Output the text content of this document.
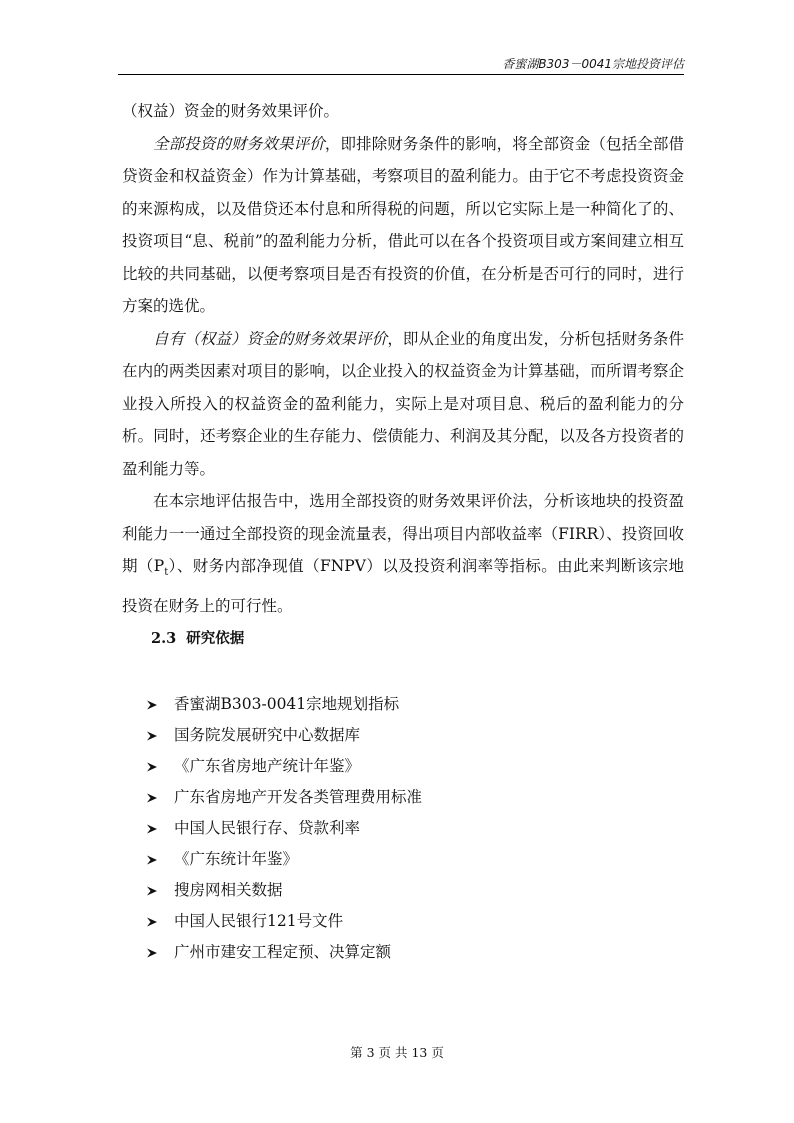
香蜜湖B303－0041宗地投资评估

（权益）资金的财务效果评价。

全部投资的财务效果评价，即排除财务条件的影响，将全部资金（包括全部借贷资金和权益资金）作为计算基础，考察项目的盈利能力。由于它不考虑投资资金的来源构成，以及借贷还本付息和所得税的问题，所以它实际上是一种简化了的、投资项目“息、税前”的盈利能力分析，借此可以在各个投资项目或方案间建立相互比较的共同基础，以便考察项目是否有投资的价值，在分析是否可行的同时，进行方案的选优。

自有（权益）资金的财务效果评价，即从企业的角度出发，分析包括财务条件在内的两类因素对项目的影响，以企业投入的权益资金为计算基础，而所谓考察企业投入所投入的权益资金的盈利能力，实际上是对项目息、税后的盈利能力的分析。同时，还考察企业的生存能力、偿债能力、利润及其分配，以及各方投资者的盈利能力等。

在本宗地评估报告中，选用全部投资的财务效果评价法，分析该地块的投资盈利能力一一通过全部投资的现金流量表，得出项目内部收益率（FIRR）、投资回收期$(P_t)$、财务内部净现值（FNPV）以及投资利润率等指标。由此来判断该宗地投资在财务上的可行性。

2.3 研究依据
香蜜湖B303-0041宗地规划指标
国务院发展研究中心数据库
《广东省房地产统计年鉴》
广东省房地产开发各类管理费用标准
中国人民银行存、贷款利率
《广东统计年鉴》
搜房网相关数据
中国人民银行121号文件
广州市建安工程定预、决算定额
第 3 页 共 13 页
